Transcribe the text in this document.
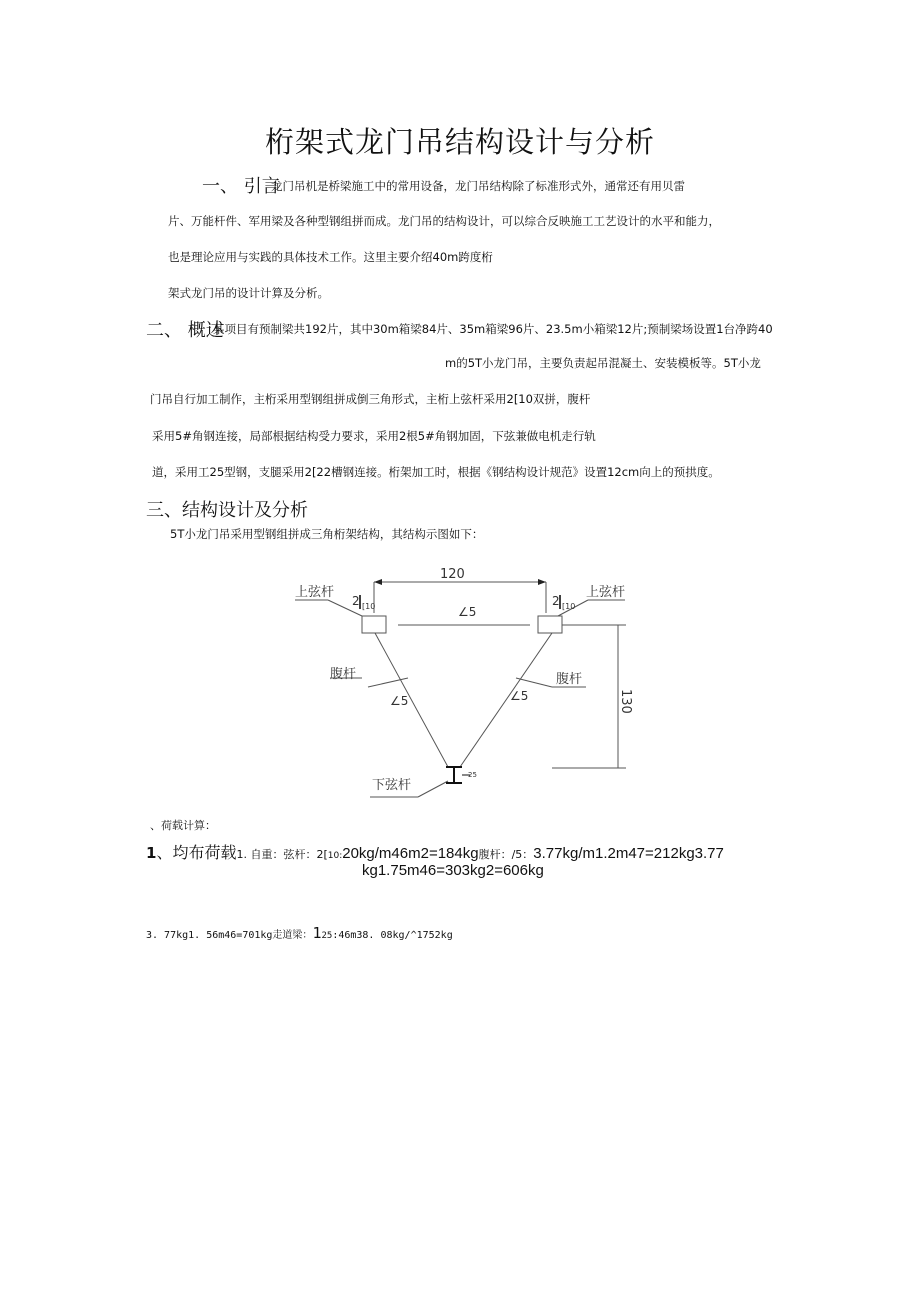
桁架式龙门吊结构设计与分析
一、 引言
龙门吊机是桥梁施工中的常用设备，龙门吊结构除了标准形式外，通常还有用贝雷
片、万能杆件、军用梁及各种型钢组拼而成。龙门吊的结构设计，可以综合反映施工工艺设计的水平和能力，
也是理论应用与实践的具体技术工作。这里主要介绍40m跨度桁
架式龙门吊的设计计算及分析。
二、 概述
某项目有预制梁共192片，其中30m箱梁84片、35m箱梁96片、23.5m小箱梁12片;预制梁场设置1台净跨40
m的5T小龙门吊，主要负责起吊混凝土、安装模板等。5T小龙
门吊自行加工制作，主桁采用型钢组拼成倒三角形式，主桁上弦杆采用2[10双拼，腹杆
采用5#角钢连接，局部根据结构受力要求，采用2根5#角钢加固，下弦兼做电机走行轨
道，采用工25型钢，支腿采用2[22槽钢连接。桁架加工时，根据《钢结构设计规范》设置12cm向上的预拱度。
三、结构设计及分析
5T小龙门吊采用型钢组拼成三角桁架结构，其结构示图如下：
上弦杆	上弦杆
120
2 [10	2 [10
∠5
腹杆	腹杆
∠5	∠5	130
下弦杆
25
、荷载计算：
1、均布荷载1. 自重：弦杆：2[10:20kg/m46m2=184kg腹杆：∕5：3.77kg/m1.2m47=212kg3.77
kg1.75m46=303kg2=606kg
3. 77kg1. 56m46=701kg走道梁：125:46m38. 08kg/^1752kg
